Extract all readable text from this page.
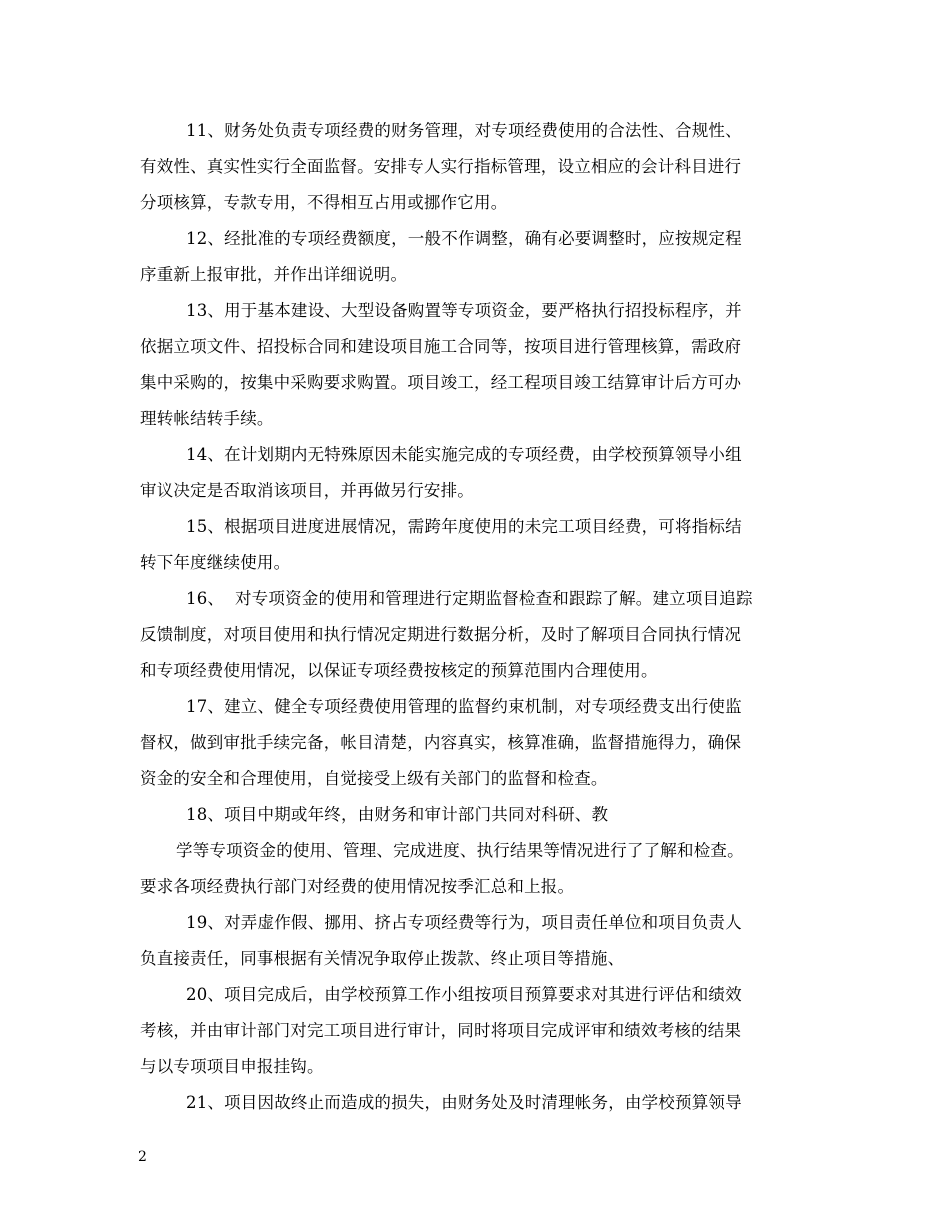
11、财务处负责专项经费的财务管理，对专项经费使用的合法性、合规性、
有效性、真实性实行全面监督。安排专人实行指标管理，设立相应的会计科目进行
分项核算，专款专用，不得相互占用或挪作它用。
12、经批准的专项经费额度，一般不作调整，确有必要调整时，应按规定程
序重新上报审批，并作出详细说明。
13、用于基本建设、大型设备购置等专项资金，要严格执行招投标程序，并
依据立项文件、招投标合同和建设项目施工合同等，按项目进行管理核算，需政府
集中采购的，按集中采购要求购置。项目竣工，经工程项目竣工结算审计后方可办
理转帐结转手续。
14、在计划期内无特殊原因未能实施完成的专项经费，由学校预算领导小组
审议决定是否取消该项目，并再做另行安排。
15、根据项目进度进展情况，需跨年度使用的未完工项目经费，可将指标结
转下年度继续使用。
16、  对专项资金的使用和管理进行定期监督检查和跟踪了解。建立项目追踪
反馈制度，对项目使用和执行情况定期进行数据分析，及时了解项目合同执行情况
和专项经费使用情况，以保证专项经费按核定的预算范围内合理使用。
17、建立、健全专项经费使用管理的监督约束机制，对专项经费支出行使监
督权，做到审批手续完备，帐目清楚，内容真实，核算准确，监督措施得力，确保
资金的安全和合理使用，自觉接受上级有关部门的监督和检查。
18、项目中期或年终，由财务和审计部门共同对科研、教
学等专项资金的使用、管理、完成进度、执行结果等情况进行了了解和检查。
要求各项经费执行部门对经费的使用情况按季汇总和上报。
19、对弄虚作假、挪用、挤占专项经费等行为，项目责任单位和项目负责人
负直接责任，同事根据有关情况争取停止拨款、终止项目等措施、
20、项目完成后，由学校预算工作小组按项目预算要求对其进行评估和绩效
考核，并由审计部门对完工项目进行审计，同时将项目完成评审和绩效考核的结果
与以专项项目申报挂钩。
21、项目因故终止而造成的损失，由财务处及时清理帐务，由学校预算领导
2
